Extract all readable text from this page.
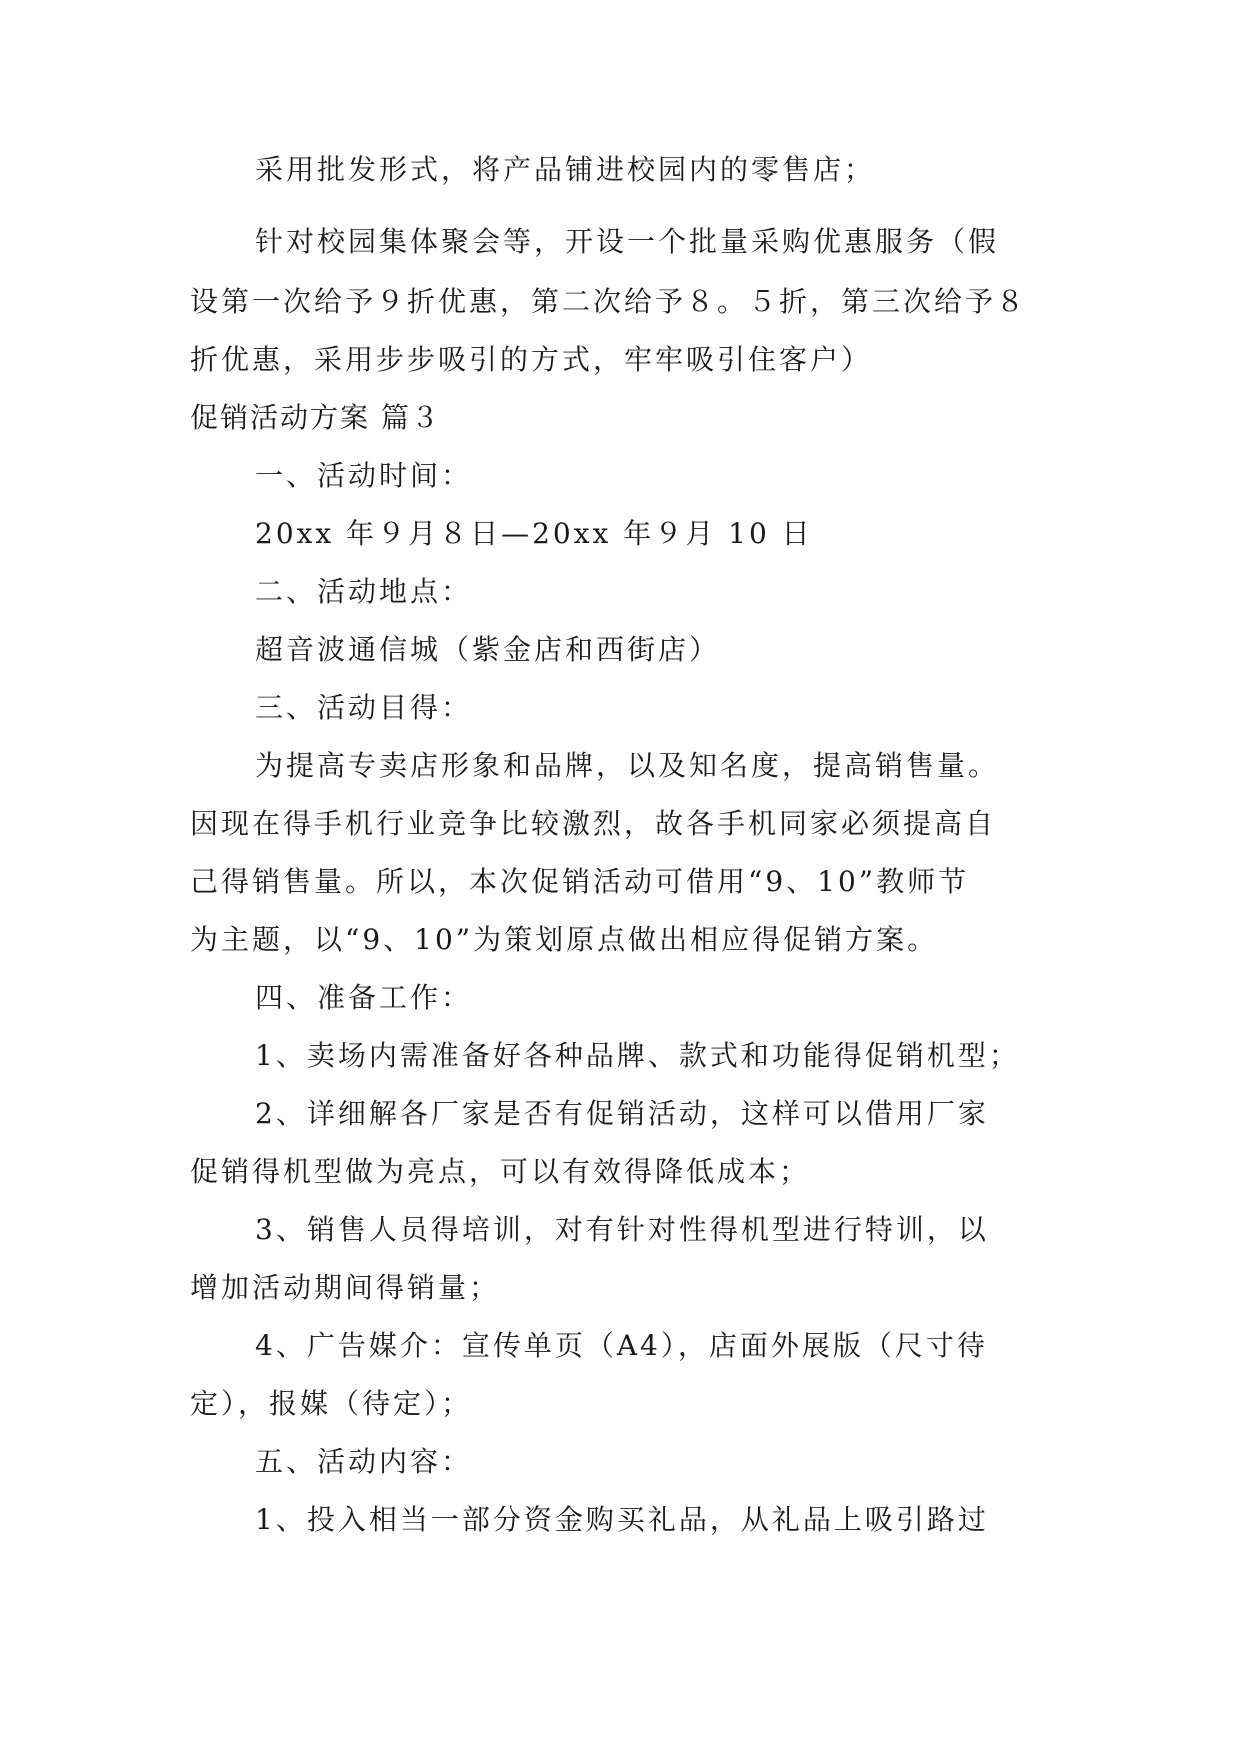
采用批发形式，将产品铺进校园内的零售店；
针对校园集体聚会等，开设一个批量采购优惠服务（假
设第一次给予９折优惠，第二次给予８。５折，第三次给予８
折优惠，采用步步吸引的方式，牢牢吸引住客户）
促销活动方案 篇３
一、活动时间：
20xx 年９月８日—20xx 年９月 10 日
二、活动地点：
超音波通信城（紫金店和西街店）
三、活动目得：
为提高专卖店形象和品牌，以及知名度，提高销售量。
因现在得手机行业竞争比较激烈，故各手机同家必须提高自
己得销售量。所以，本次促销活动可借用“9、10”教师节
为主题，以“9、10”为策划原点做出相应得促销方案。
四、准备工作：
1、卖场内需准备好各种品牌、款式和功能得促销机型；
2、详细解各厂家是否有促销活动，这样可以借用厂家
促销得机型做为亮点，可以有效得降低成本；
3、销售人员得培训，对有针对性得机型进行特训，以
增加活动期间得销量；
4、广告媒介：宣传单页（A4），店面外展版（尺寸待
定），报媒（待定）；
五、活动内容：
1、投入相当一部分资金购买礼品，从礼品上吸引路过
